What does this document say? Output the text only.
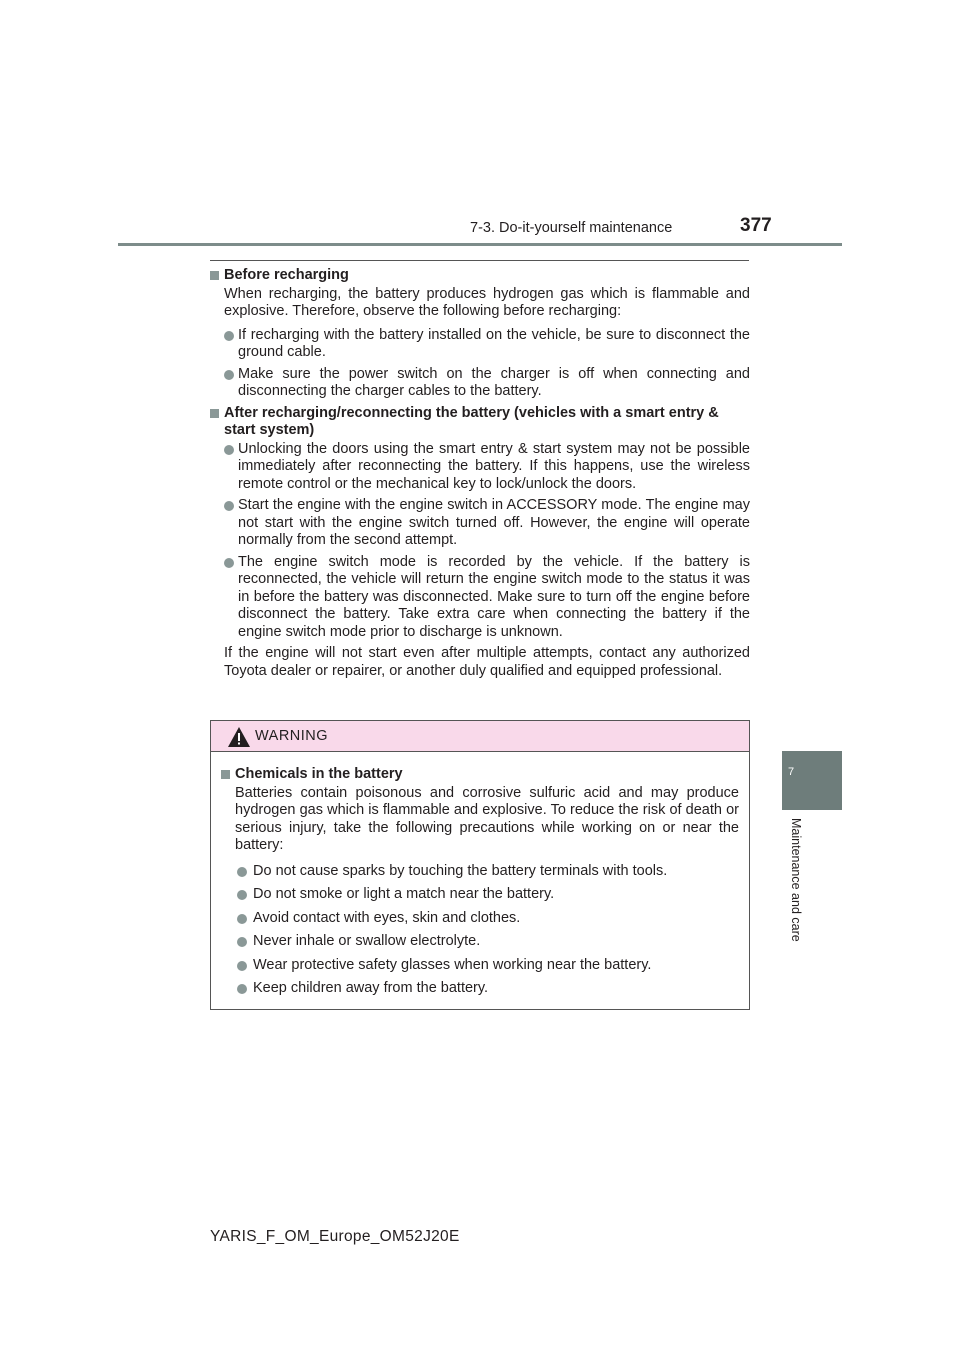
7-3. Do-it-yourself maintenance	377
7
Maintenance and care
Before recharging
When recharging, the battery produces hydrogen gas which is flammable and explosive. Therefore, observe the following before recharging:
If recharging with the battery installed on the vehicle, be sure to disconnect the ground cable.
Make sure the power switch on the charger is off when connecting and disconnecting the charger cables to the battery.
After recharging/reconnecting the battery (vehicles with a smart entry & start system)
Unlocking the doors using the smart entry & start system may not be possible immediately after reconnecting the battery. If this happens, use the wireless remote control or the mechanical key to lock/unlock the doors.
Start the engine with the engine switch in ACCESSORY mode. The engine may not start with the engine switch turned off. However, the engine will operate normally from the second attempt.
The engine switch mode is recorded by the vehicle. If the battery is reconnected, the vehicle will return the engine switch mode to the status it was in before the battery was disconnected. Make sure to turn off the engine before disconnect the battery. Take extra care when connecting the battery if the engine switch mode prior to discharge is unknown.
If the engine will not start even after multiple attempts, contact any authorized Toyota dealer or repairer, or another duly qualified and equipped professional.
WARNING
Chemicals in the battery
Batteries contain poisonous and corrosive sulfuric acid and may produce hydrogen gas which is flammable and explosive. To reduce the risk of death or serious injury, take the following precautions while working on or near the battery:
Do not cause sparks by touching the battery terminals with tools.
Do not smoke or light a match near the battery.
Avoid contact with eyes, skin and clothes.
Never inhale or swallow electrolyte.
Wear protective safety glasses when working near the battery.
Keep children away from the battery.
YARIS_F_OM_Europe_OM52J20E
